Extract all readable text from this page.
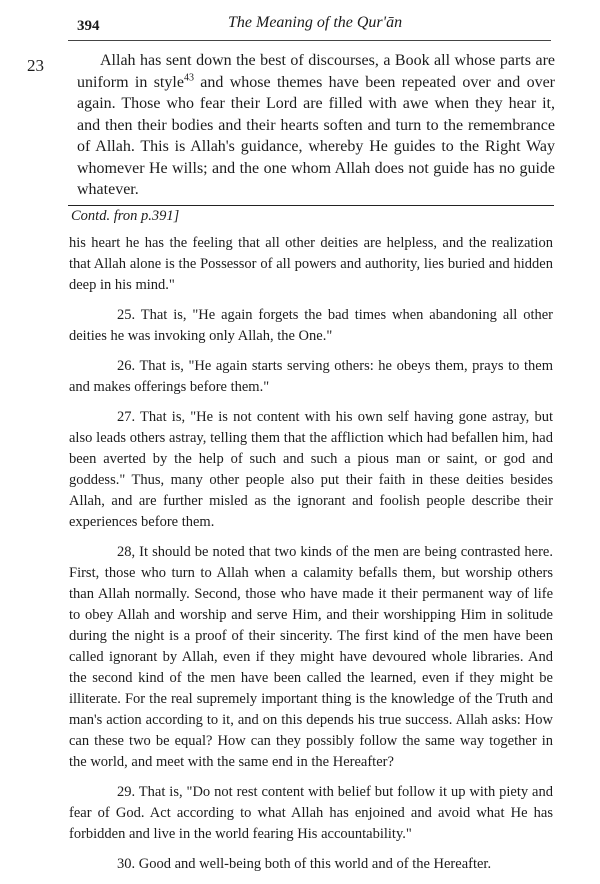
394	The Meaning of the Qur'ān
23	Allah has sent down the best of discourses, a Book all whose parts are uniform in style$^{43}$ and whose themes have been repeated over and over again. Those who fear their Lord are filled with awe when they hear it, and then their bodies and their hearts soften and turn to the remembrance of Allah. This is Allah's guidance, whereby He guides to the Right Way whomever He wills; and the one whom Allah does not guide has no guide whatever.

Contd. fron p.391]

his heart he has the feeling that all other deities are helpless, and the realization that Allah alone is the Possessor of all powers and authority, lies buried and hidden deep in his mind."

25. That is, "He again forgets the bad times when abandoning all other deities he was invoking only Allah, the One."

26. That is, "He again starts serving others: he obeys them, prays to them and makes offerings before them."

27. That is, "He is not content with his own self having gone astray, but also leads others astray, telling them that the affliction which had befallen him, had been averted by the help of such and such a pious man or saint, or god and goddess." Thus, many other people also put their faith in these deities besides Allah, and are further misled as the ignorant and foolish people describe their experiences before them.

28, It should be noted that two kinds of the men are being contrasted here. First, those who turn to Allah when a calamity befalls them, but worship others than Allah normally. Second, those who have made it their permanent way of life to obey Allah and worship and serve Him, and their worshipping Him in solitude during the night is a proof of their sincerity. The first kind of the men have been called ignorant by Allah, even if they might have devoured whole libraries. And the second kind of the men have been called the learned, even if they might be illiterate. For the real supremely important thing is the knowledge of the Truth and man's action according to it, and on this depends his true success. Allah asks: How can these two be equal? How can they possibly follow the same way together in the world, and meet with the same end in the Hereafter?

29. That is, "Do not rest content with belief but follow it up with piety and fear of God. Act according to what Allah has enjoined and avoid what He has forbidden and live in the world fearing His accountability."

30. Good and well-being both of this world and of the Hereafter.
